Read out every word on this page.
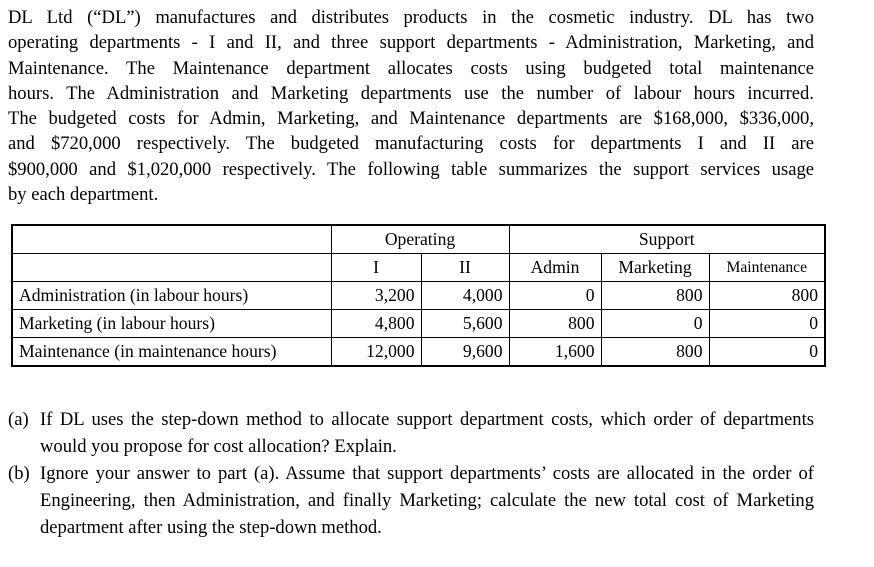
DL Ltd (“DL”) manufactures and distributes products in the cosmetic industry. DL has two
operating departments - I and II, and three support departments - Administration, Marketing, and
Maintenance. The Maintenance department allocates costs using budgeted total maintenance
hours. The Administration and Marketing departments use the number of labour hours incurred.
The budgeted costs for Admin, Marketing, and Maintenance departments are $168,000, $336,000,
and $720,000 respectively. The budgeted manufacturing costs for departments I and II are
$900,000 and $1,020,000 respectively. The following table summarizes the support services usage
by each department.
	Operating		Support		
	I	II	Admin	Marketing	Maintenance
Administration (in labour hours)	3,200	4,000	0	800	800
Marketing (in labour hours)	4,800	5,600	800	0	0
Maintenance (in maintenance hours)	12,000	9,600	1,600	800	0
(a) If DL uses the step-down method to allocate support department costs, which order of departments would you propose for cost allocation? Explain.
(b) Ignore your answer to part (a). Assume that support departments’ costs are allocated in the order of Engineering, then Administration, and finally Marketing; calculate the new total cost of Marketing department after using the step-down method.
